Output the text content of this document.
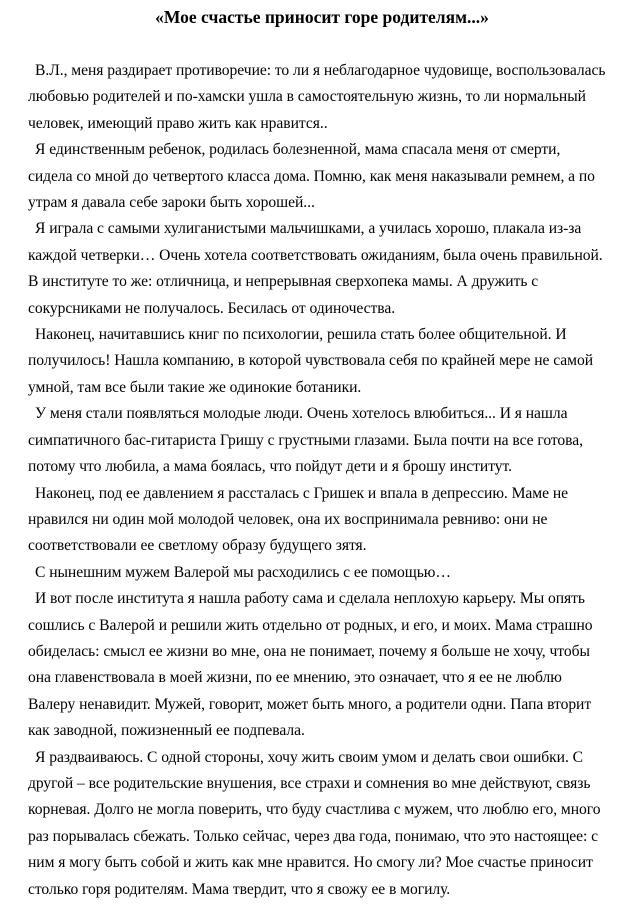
«Мое счастье приносит горе родителям...»

В.Л., меня раздирает противоречие: то ли я неблагодарное чудовище, воспользовалась любовью родителей и по-хамски ушла в самостоятельную жизнь, то ли нормальный человек, имеющий право жить как нравится..

Я единственным ребенок, родилась болезненной, мама спасала меня от смерти, сидела со мной до четвертого класса дома. Помню, как меня наказывали ремнем, а по утрам я давала себе зароки быть хорошей...

Я играла с самыми хулиганистыми мальчишками, а училась хорошо, плакала из-за каждой четверки… Очень хотела соответствовать ожиданиям, была очень правильной. В институте то же: отличница, и непрерывная сверхопека мамы. А дружить с сокурсниками не получалось. Бесилась от одиночества.

Наконец, начитавшись книг по психологии, решила стать более общительной. И получилось! Нашла компанию, в которой чувствовала себя по крайней мере не самой умной, там все были такие же одинокие ботаники.

У меня стали появляться молодые люди. Очень хотелось влюбиться... И я нашла симпатичного бас-гитариста Гришу с грустными глазами. Была почти на все готова, потому что любила, а мама боялась, что пойдут дети и я брошу институт.

Наконец, под ее давлением я рассталась с Гришек и впала в депрессию. Маме не нравился ни один мой молодой человек, она их воспринимала ревниво: они не соответствовали ее светлому образу будущего зятя.

С нынешним мужем Валерой мы расходились с ее помощью…

И вот после института я нашла работу сама и сделала неплохую карьеру. Мы опять сошлись с Валерой и решили жить отдельно от родных, и его, и моих. Мама страшно обиделась: смысл ее жизни во мне, она не понимает, почему я больше не хочу, чтобы она главенствовала в моей жизни, по ее мнению, это означает, что я ее не люблю Валеру ненавидит. Мужей, говорит, может быть много, а родители одни. Папа вторит как заводной, пожизненный ее подпевала.

Я раздваиваюсь. С одной стороны, хочу жить своим умом и делать свои ошибки. С другой – все родительские внушения, все страхи и сомнения во мне действуют, связь корневая. Долго не могла поверить, что буду счастлива с мужем, что люблю его, много раз порывалась сбежать. Только сейчас, через два года, понимаю, что это настоящее: с ним я могу быть собой и жить как мне нравится. Но смогу ли? Мое счастье приносит столько горя родителям. Мама твердит, что я свожу ее в могилу.
